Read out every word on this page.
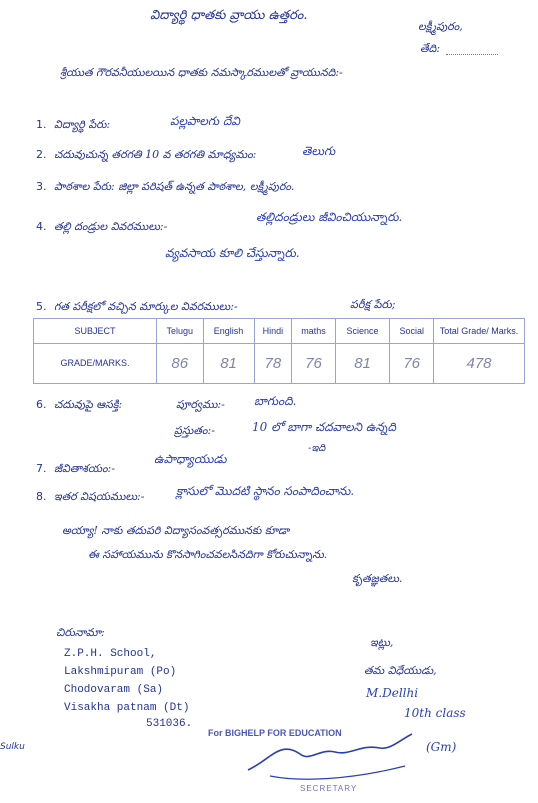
విద్యార్థి ధాతకు వ్రాయు ఉత్తరం.
లక్ష్మీపురం,
తేది:
శ్రీయుత గౌరవనీయులయిన ధాతకు నమస్కారములతో వ్రాయునది:-
1. విద్యార్థి పేరు:	పల్లపాలగు దేవి
2. చదువుచున్న తరగతి 10 వ తరగతి మాధ్యమం:	తెలుగు
3. పాఠశాల పేరు: జిల్లా పరిషత్ ఉన్నత పాఠశాల, లక్ష్మీపురం.
4. తల్లి దండ్రుల వివరములు:-
తల్లిదండ్రులు జీవించియున్నారు.
వ్యవసాయ కూలి చేస్తున్నారు.
5. గత పరీక్షలో వచ్చిన మార్కుల వివరములు:-	పరీక్ష పేరు;
SUBJECT	Telugu	English	Hindi	maths	Science	Social	Total Grade/ Marks.
GRADE/MARKS.	86	81	78	76	81	76	478
6. చదువుపై ఆసక్తి:	పూర్వము:- బాగుంది.
ప్రస్తుతం:-	10 లో బాగా చదవాలని ఉన్నది
-ఇది
7. జీవితాశయం:-
ఉపాధ్యాయుడు
8. ఇతర విషయములు:-	క్లాసులో మొదటి స్థానం సంపాదించాను.
అయ్యా! నాకు తదుపరి విద్యాసంవత్సరమునకు కూడా
ఈ సహాయమును కొనసాగించవలసినదిగా కోరుచున్నాను.
కృతజ్ఞతలు.
చిరునామా:
Z.P.H. School,
Lakshmipuram (Po)
Chodovaram (Sa)
Visakha patnam (Dt)
531036.
ఇట్లు,
తమ విధేయుడు,
M.Dellhi
10th class
(Gm)
For BIGHELP FOR EDUCATION
SECRETARY
Sulku
